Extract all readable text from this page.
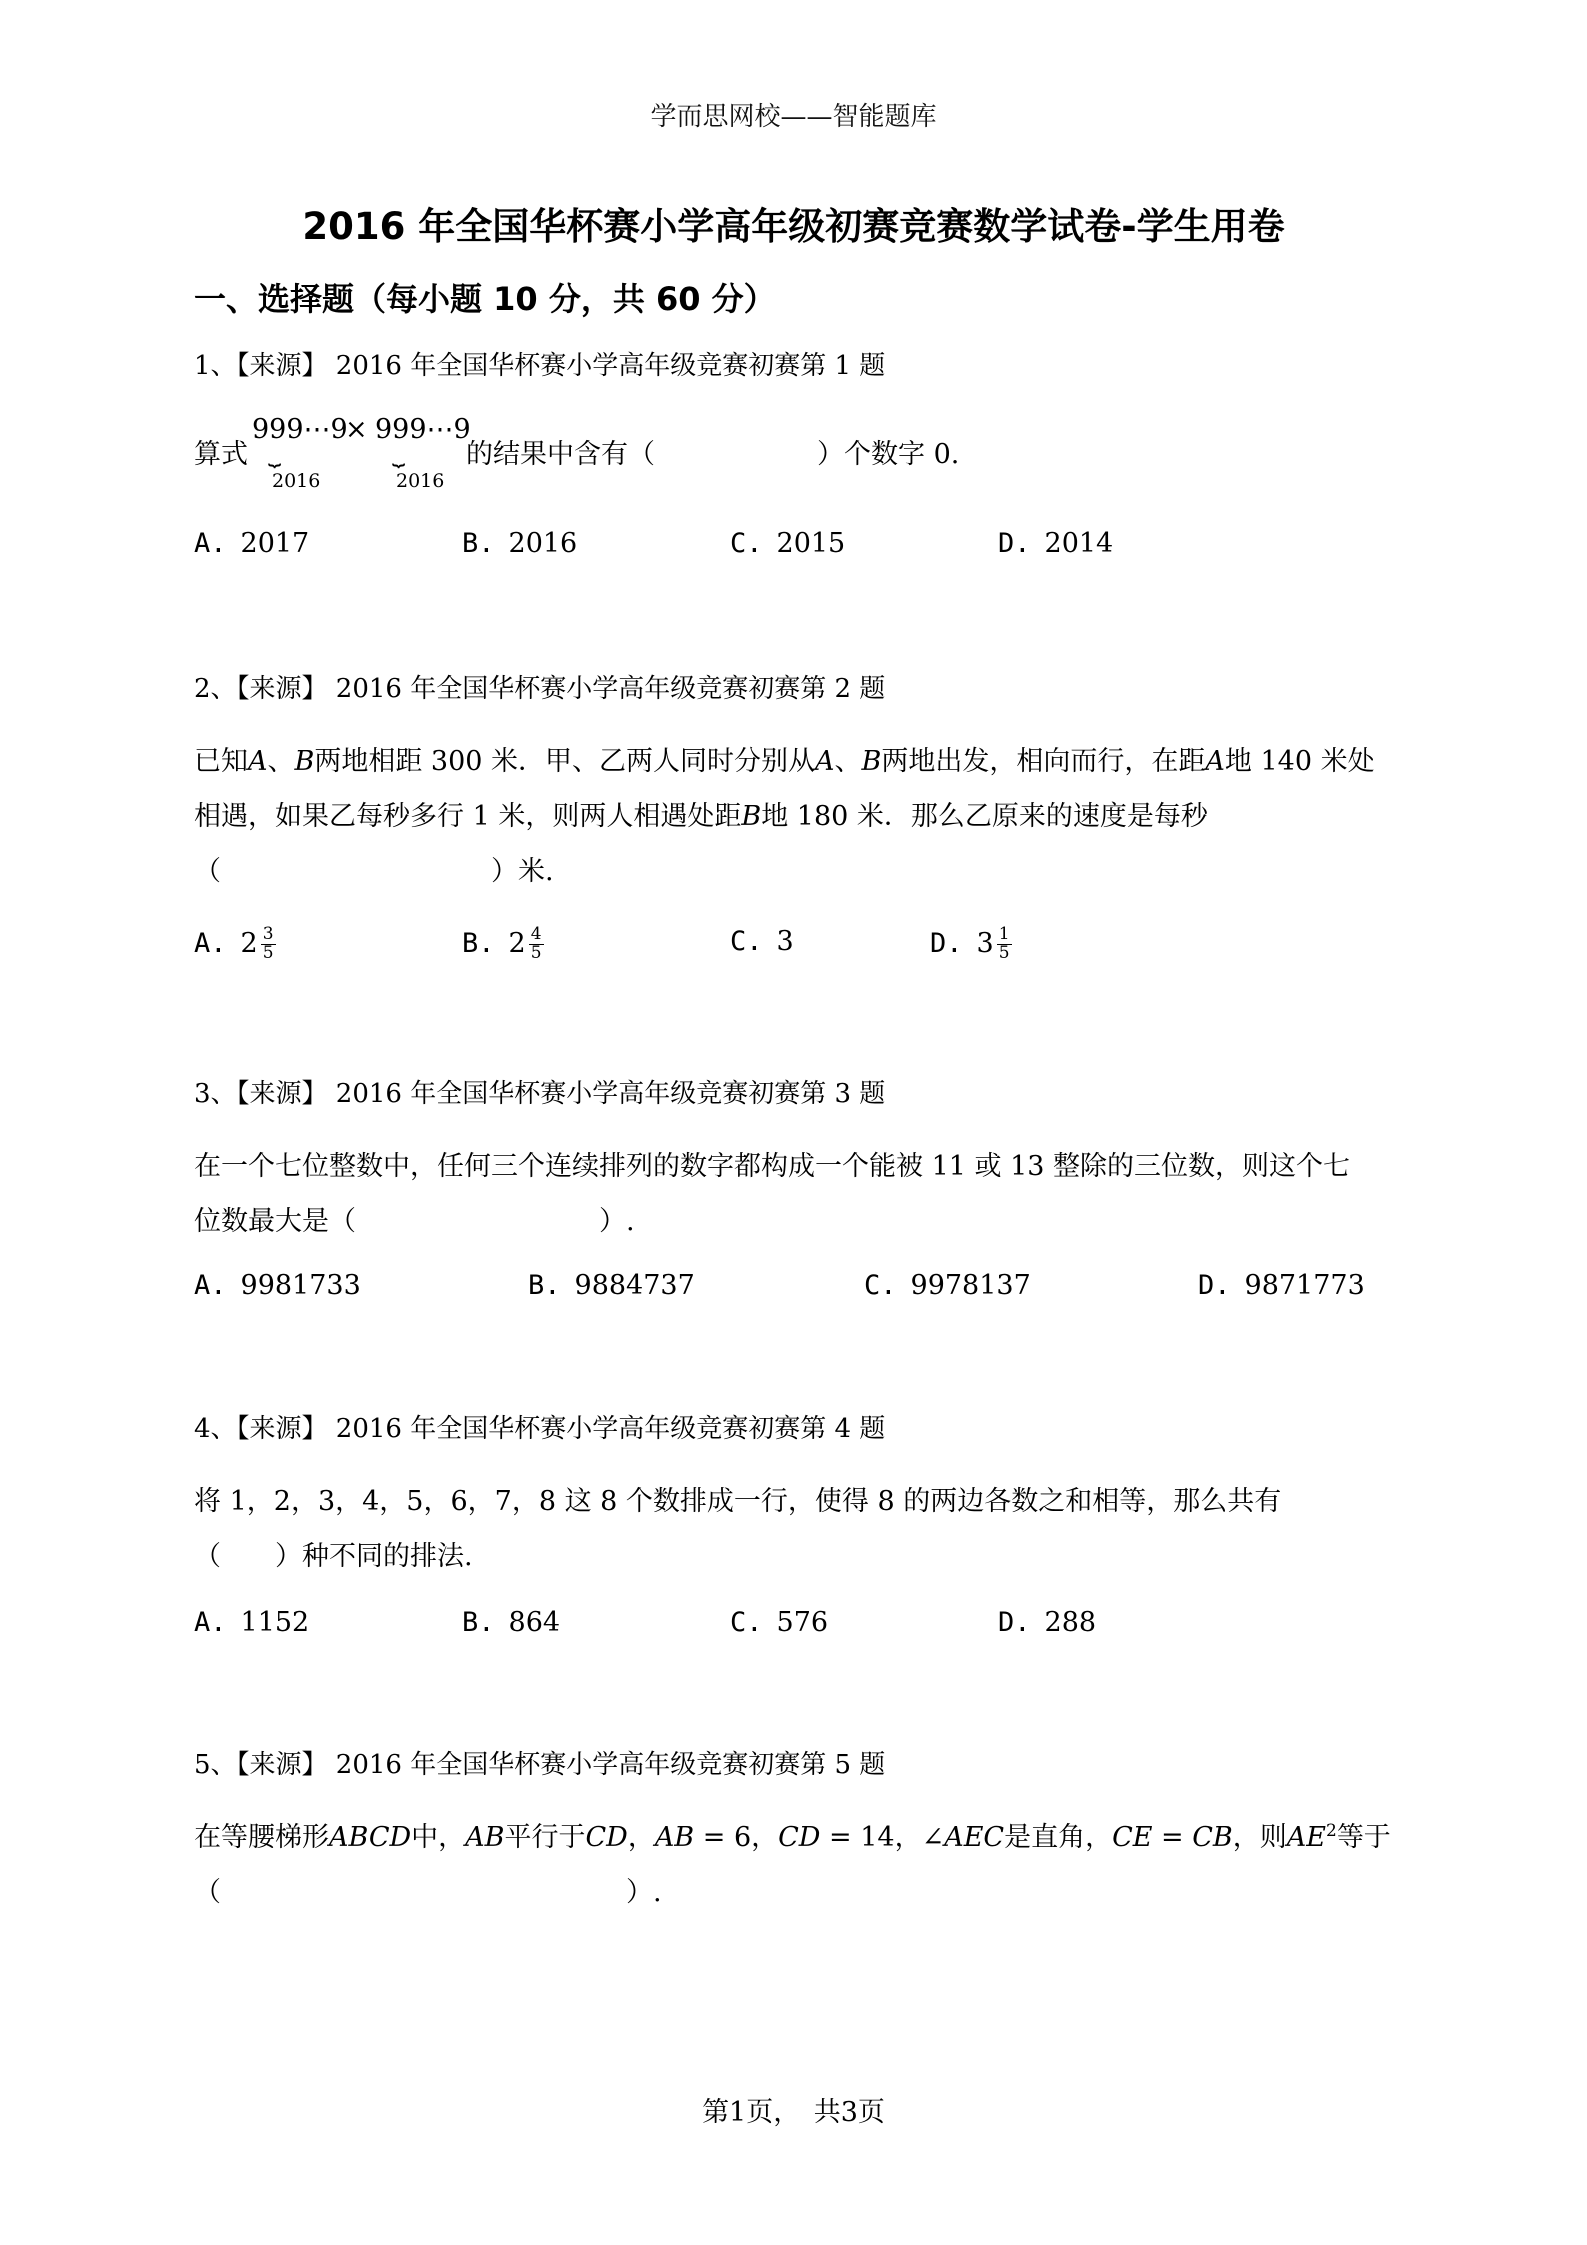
学而思网校——智能题库
2016 年全国华杯赛小学高年级初赛竞赛数学试卷-学生用卷
一、选择题（每小题 10 分，共 60 分）
1、【来源】 2016 年全国华杯赛小学高年级竞赛初赛第 1 题
算式
999⋯9
⏟
2016
× 999⋯9
⏟
2016
的结果中含有（　　　　　　）个数字 0.
A. 2017	B. 2016	C. 2015	D. 2014
2、【来源】 2016 年全国华杯赛小学高年级竞赛初赛第 2 题
已知A、B两地相距 300 米．甲、乙两人同时分别从A、B两地出发，相向而行，在距A地 140 米处
相遇，如果乙每秒多行 1 米，则两人相遇处距B地 180 米．那么乙原来的速度是每秒
（　　　　　　　　　　）米.
A. $2 \frac{3}{5}$	B. $2 \frac{4}{5}$	C. 3	D. $3 \frac{1}{5}$
3、【来源】 2016 年全国华杯赛小学高年级竞赛初赛第 3 题
在一个七位整数中，任何三个连续排列的数字都构成一个能被 11 或 13 整除的三位数，则这个七
位数最大是（　　　　　　　　　）.
A. 9981733	B. 9884737	C. 9978137	D. 9871773
4、【来源】 2016 年全国华杯赛小学高年级竞赛初赛第 4 题
将 1，2，3，4，5，6，7，8 这 8 个数排成一行，使得 8 的两边各数之和相等，那么共有
（　　）种不同的排法.
A. 1152	B. 864	C. 576	D. 288
5、【来源】 2016 年全国华杯赛小学高年级竞赛初赛第 5 题
在等腰梯形ABCD中，AB平行于CD，AB = 6，CD = 14，∠AEC是直角，CE = CB，则$AE^2$等于
（　　　　　　　　　　　　　　　）.
第1页，　共3页
